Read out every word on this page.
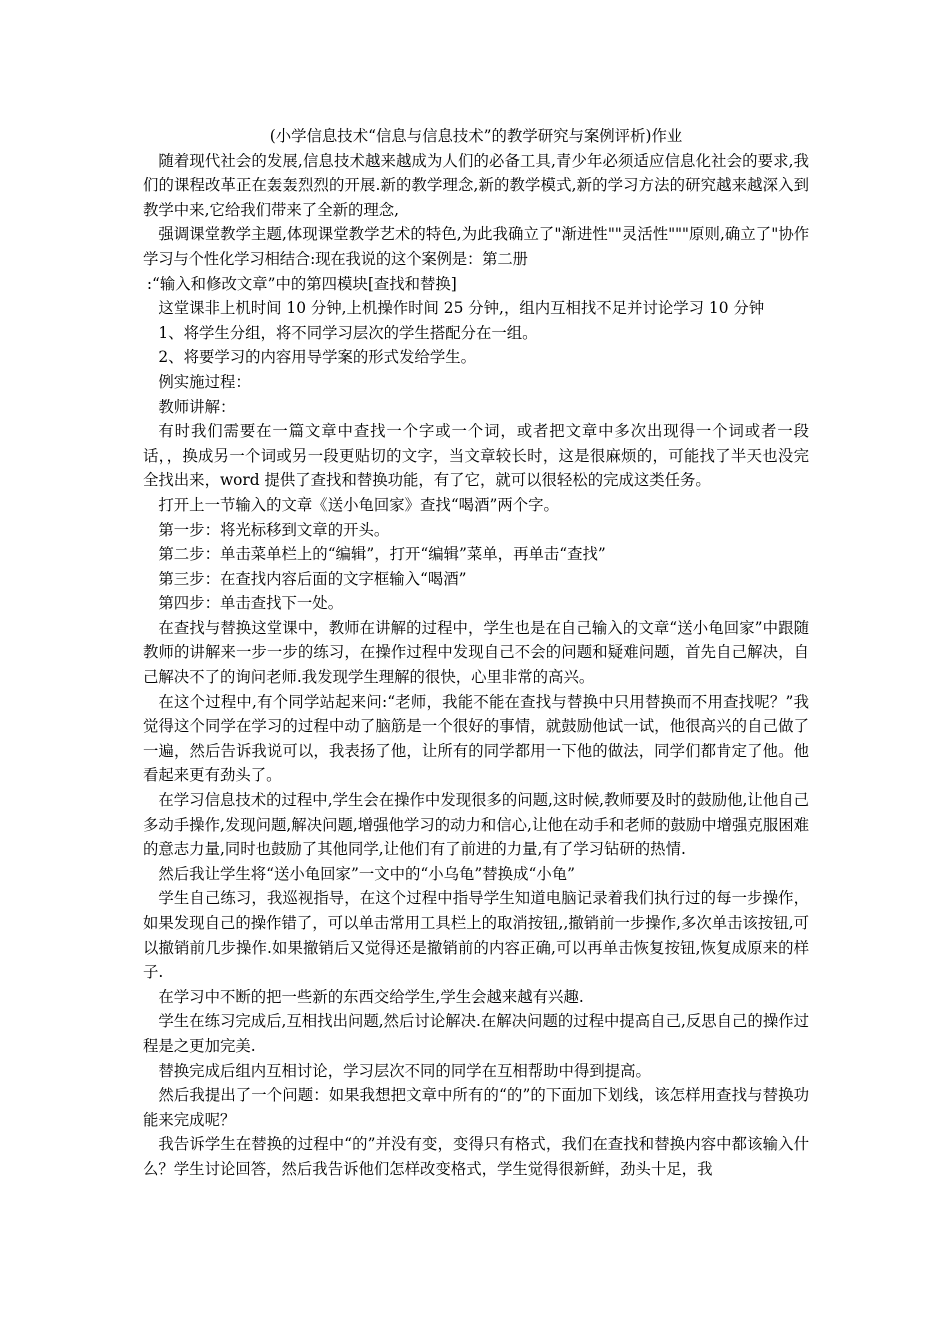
(小学信息技术“信息与信息技术”的教学研究与案例评析)作业
随着现代社会的发展,信息技术越来越成为人们的必备工具,青少年必须适应信息化社会的要求,我们的课程改革正在轰轰烈烈的开展.新的教学理念,新的教学模式,新的学习方法的研究越来越深入到教学中来,它给我们带来了全新的理念,
强调课堂教学主题,体现课堂教学艺术的特色,为此我确立了"渐进性""灵活性"""原则,确立了"协作学习与个性化学习相结合:现在我说的这个案例是：第二册
:“输入和修改文章”中的第四模块[查找和替换]
这堂课非上机时间 10 分钟,上机操作时间 25 分钟,，组内互相找不足并讨论学习 10 分钟
1、将学生分组，将不同学习层次的学生搭配分在一组。
2、将要学习的内容用导学案的形式发给学生。
例实施过程：
教师讲解：
有时我们需要在一篇文章中查找一个字或一个词，或者把文章中多次出现得一个词或者一段话，，换成另一个词或另一段更贴切的文字，当文章较长时，这是很麻烦的，可能找了半天也没完全找出来，word 提供了查找和替换功能，有了它，就可以很轻松的完成这类任务。
打开上一节输入的文章《送小龟回家》查找“喝酒”两个字。
第一步：将光标移到文章的开头。
第二步：单击菜单栏上的“编辑”，打开“编辑”菜单，再单击“查找”
第三步：在查找内容后面的文字框输入“喝酒”
第四步：单击查找下一处。
在查找与替换这堂课中，教师在讲解的过程中，学生也是在自己输入的文章“送小龟回家”中跟随教师的讲解来一步一步的练习，在操作过程中发现自己不会的问题和疑难问题，首先自己解决，自己解决不了的询问老师.我发现学生理解的很快，心里非常的高兴。
在这个过程中,有个同学站起来问:“老师，我能不能在查找与替换中只用替换而不用查找呢？”我觉得这个同学在学习的过程中动了脑筋是一个很好的事情，就鼓励他试一试，他很高兴的自己做了一遍，然后告诉我说可以，我表扬了他，让所有的同学都用一下他的做法，同学们都肯定了他。他看起来更有劲头了。
在学习信息技术的过程中,学生会在操作中发现很多的问题,这时候,教师要及时的鼓励他,让他自己多动手操作,发现问题,解决问题,增强他学习的动力和信心,让他在动手和老师的鼓励中增强克服困难的意志力量,同时也鼓励了其他同学,让他们有了前进的力量,有了学习钻研的热情.
然后我让学生将“送小龟回家”一文中的“小乌龟”替换成“小龟”
学生自己练习，我巡视指导，在这个过程中指导学生知道电脑记录着我们执行过的每一步操作，如果发现自己的操作错了，可以单击常用工具栏上的取消按钮,,撤销前一步操作,多次单击该按钮,可以撤销前几步操作.如果撤销后又觉得还是撤销前的内容正确,可以再单击恢复按钮,恢复成原来的样子.
在学习中不断的把一些新的东西交给学生,学生会越来越有兴趣.
学生在练习完成后,互相找出问题,然后讨论解决.在解决问题的过程中提高自己,反思自己的操作过程是之更加完美.
替换完成后组内互相讨论，学习层次不同的同学在互相帮助中得到提高。
然后我提出了一个问题：如果我想把文章中所有的“的”的下面加下划线，该怎样用查找与替换功能来完成呢？
我告诉学生在替换的过程中“的”并没有变，变得只有格式，我们在查找和替换内容中都该输入什么？学生讨论回答，然后我告诉他们怎样改变格式，学生觉得很新鲜，劲头十足，我
